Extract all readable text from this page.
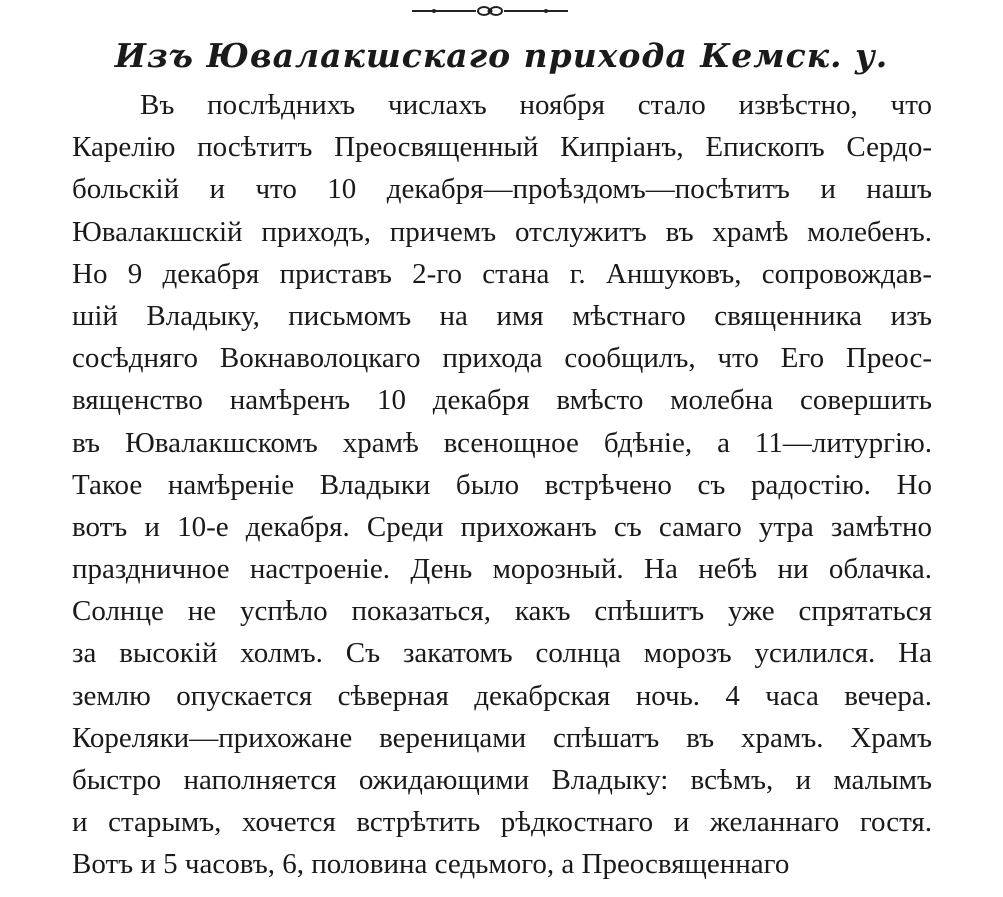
Изъ Ювалакшскаго прихода Кемск. у.
Въ послѣднихъ числахъ ноября стало извѣстно, что
Карелію посѣтитъ Преосвященный Кипріанъ, Епископъ Сердо-
больскій и что 10 декабря—проѣздомъ—посѣтитъ и нашъ
Ювалакшскій приходъ, причемъ отслужитъ въ храмѣ молебенъ.
Но 9 декабря приставъ 2-го стана г. Аншуковъ, сопровождав-
шій Владыку, письмомъ на имя мѣстнаго священника изъ
сосѣдняго Вокнаволоцкаго прихода сообщилъ, что Его Преос-
вященство намѣренъ 10 декабря вмѣсто молебна совершить
въ Ювалакшскомъ храмѣ всенощное бдѣніе, а 11—литургію.
Такое намѣреніе Владыки было встрѣчено съ радостію. Но
вотъ и 10-е декабря. Среди прихожанъ съ самаго утра замѣтно
праздничное настроеніе. День морозный. На небѣ ни облачка.
Солнце не успѣло показаться, какъ спѣшитъ уже спрятаться
за высокій холмъ. Съ закатомъ солнца морозъ усилился. На
землю опускается сѣверная декабрская ночь. 4 часа вечера.
Кореляки—прихожане вереницами спѣшатъ въ храмъ. Храмъ
быстро наполняется ожидающими Владыку: всѣмъ, и малымъ
и старымъ, хочется встрѣтить рѣдкостнаго и желаннаго гостя.
Вотъ и 5 часовъ, 6, половина седьмого, а Преосвященнаго
